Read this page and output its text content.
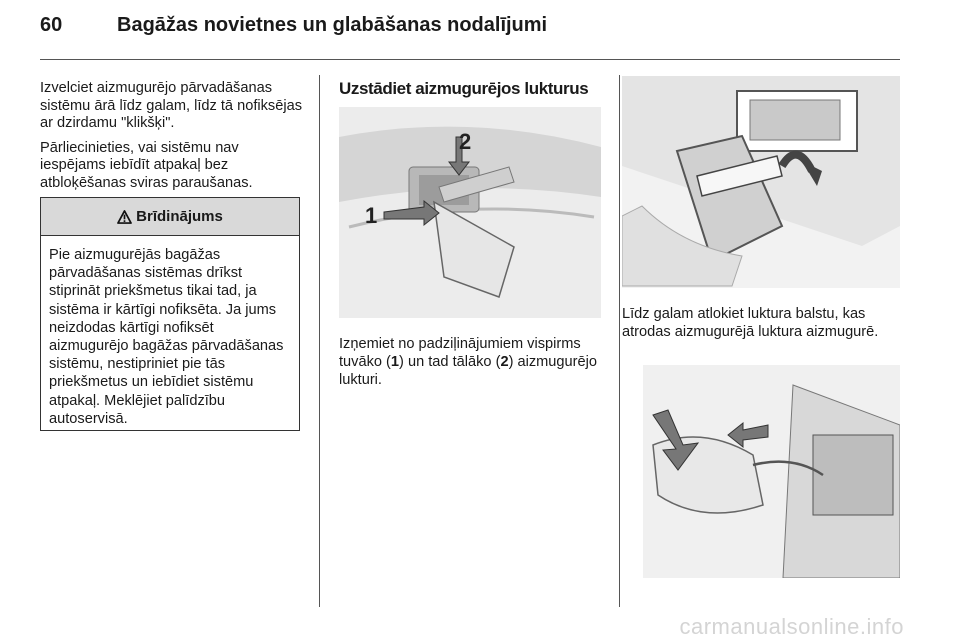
60	Bagāžas novietnes un glabāšanas nodalījumi

Izvelciet aizmugurējo pārvadāšanas sistēmu ārā līdz galam, līdz tā nofiksējas ar dzirdamu "klikšķi".

Pārliecinieties, vai sistēmu nav iespējams iebīdīt atpakaļ bez atbloķēšanas sviras paraušanas.

Brīdinājums
Pie aizmugurējās bagāžas pārvadāšanas sistēmas drīkst stiprināt priekšmetus tikai tad, ja sistēma ir kārtīgi nofiksēta. Ja jums neizdodas kārtīgi nofiksēt aizmugurējo bagāžas pārvadāšanas sistēmu, nestipriniet pie tās priekšmetus un iebīdiet sistēmu atpakaļ. Meklējiet palīdzību autoservisā.
Uzstādiet aizmugurējos lukturus
1
2
Izņemiet no padziļinājumiem vispirms tuvāko (1) un tad tālāko (2) aizmugurējo lukturi.
Līdz galam atlokiet luktura balstu, kas atrodas aizmugurējā luktura aizmugurē.
carmanualsonline.info
